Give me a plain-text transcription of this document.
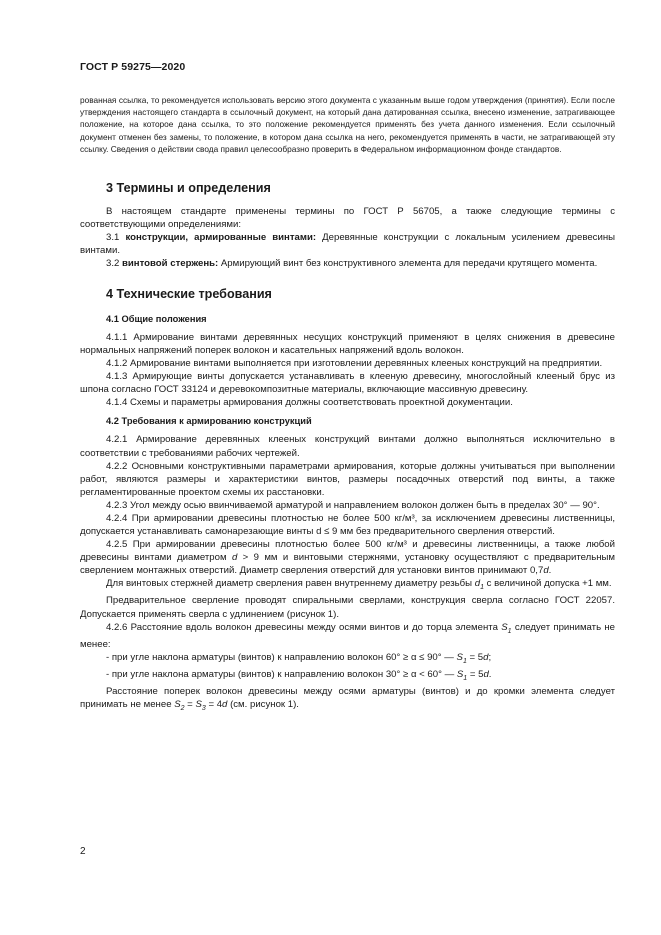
ГОСТ Р 59275—2020

рованная ссылка, то рекомендуется использовать версию этого документа с указанным выше годом утверждения (принятия). Если после утверждения настоящего стандарта в ссылочный документ, на который дана датированная ссылка, внесено изменение, затрагивающее положение, на которое дана ссылка, то это положение рекомендуется применять без учета данного изменения. Если ссылочный документ отменен без замены, то положение, в котором дана ссылка на него, рекомендуется применять в части, не затрагивающей эту ссылку. Сведения о действии свода правил целесообразно проверить в Федеральном информационном фонде стандартов.

3 Термины и определения

В настоящем стандарте применены термины по ГОСТ Р 56705, а также следующие термины с соответствующими определениями:

3.1 конструкции, армированные винтами: Деревянные конструкции с локальным усилением древесины винтами.

3.2 винтовой стержень: Армирующий винт без конструктивного элемента для передачи крутящего момента.

4 Технические требования

4.1 Общие положения

4.1.1 Армирование винтами деревянных несущих конструкций применяют в целях снижения в древесине нормальных напряжений поперек волокон и касательных напряжений вдоль волокон.

4.1.2 Армирование винтами выполняется при изготовлении деревянных клееных конструкций на предприятии.

4.1.3 Армирующие винты допускается устанавливать в клееную древесину, многослойный клееный брус из шпона согласно ГОСТ 33124 и деревокомпозитные материалы, включающие массивную древесину.

4.1.4 Схемы и параметры армирования должны соответствовать проектной документации.

4.2 Требования к армированию конструкций

4.2.1 Армирование деревянных клееных конструкций винтами должно выполняться исключительно в соответствии с требованиями рабочих чертежей.

4.2.2 Основными конструктивными параметрами армирования, которые должны учитываться при выполнении работ, являются размеры и характеристики винтов, размеры посадочных отверстий под винты, а также регламентированные проектом схемы их расстановки.

4.2.3 Угол между осью ввинчиваемой арматурой и направлением волокон должен быть в пределах 30° — 90°.

4.2.4 При армировании древесины плотностью не более 500 кг/м³, за исключением древесины лиственницы, допускается устанавливать самонарезающие винты d ≤ 9 мм без предварительного сверления отверстий.

4.2.5 При армировании древесины плотностью более 500 кг/м³ и древесины лиственницы, а также любой древесины винтами диаметром d > 9 мм и винтовыми стержнями, установку осуществляют с предварительным сверлением монтажных отверстий. Диаметр сверления отверстий для установки винтов принимают 0,7d.

Для винтовых стержней диаметр сверления равен внутреннему диаметру резьбы $d_1$ с величиной допуска +1 мм.

Предварительное сверление проводят спиральными сверлами, конструкция сверла согласно ГОСТ 22057. Допускается применять сверла с удлинением (рисунок 1).

4.2.6 Расстояние вдоль волокон древесины между осями винтов и до торца элемента $S_1$ следует принимать не менее:

- при угле наклона арматуры (винтов) к направлению волокон 60° ≥ α ≤ 90° — $S_1 = 5d$;

- при угле наклона арматуры (винтов) к направлению волокон 30° ≥ α < 60° — $S_1 = 5d$.

Расстояние поперек волокон древесины между осями арматуры (винтов) и до кромки элемента следует принимать не менее $S_2 = S_3 = 4d$ (см. рисунок 1).

2
